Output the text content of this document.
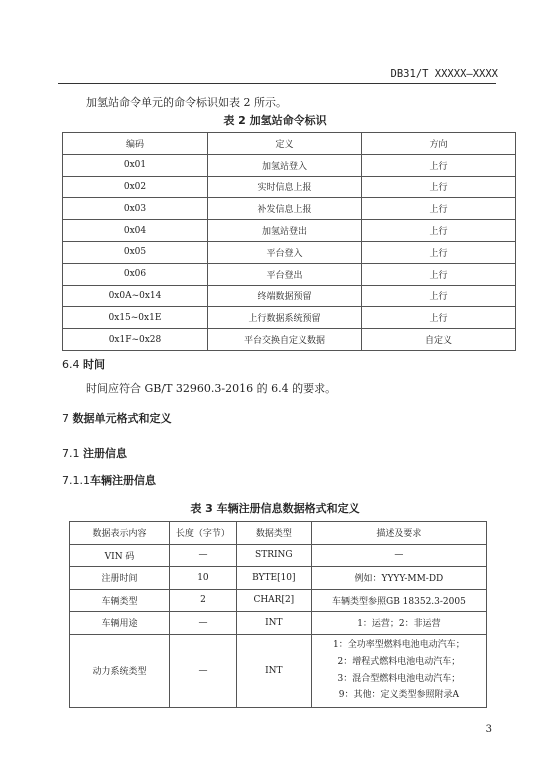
DB31/T XXXXX—XXXX
加氢站命令单元的命令标识如表 2 所示。
表 2 加氢站命令标识
编码	定义	方向
0x01	加氢站登入	上行
0x02	实时信息上报	上行
0x03	补发信息上报	上行
0x04	加氢站登出	上行
0x05	平台登入	上行
0x06	平台登出	上行
0x0A~0x14	终端数据预留	上行
0x15~0x1E	上行数据系统预留	上行
0x1F~0x28	平台交换自定义数据	自定义
6.4 时间
时间应符合 GB/T 32960.3-2016 的 6.4 的要求。
7 数据单元格式和定义
7.1 注册信息
7.1.1车辆注册信息
表 3 车辆注册信息数据格式和定义
数据表示内容	长度（字节）	数据类型	描述及要求
VIN 码	—	STRING	—
注册时间	10	BYTE[10]	例如：YYYY-MM-DD
车辆类型	2	CHAR[2]	车辆类型参照GB 18352.3-2005
车辆用途	—	INT	1：运营；2：非运营
动力系统类型	—	INT	1：全功率型燃料电池电动汽车；
2：增程式燃料电池电动汽车；
3：混合型燃料电池电动汽车；
9：其他：定义类型参照附录A
3
